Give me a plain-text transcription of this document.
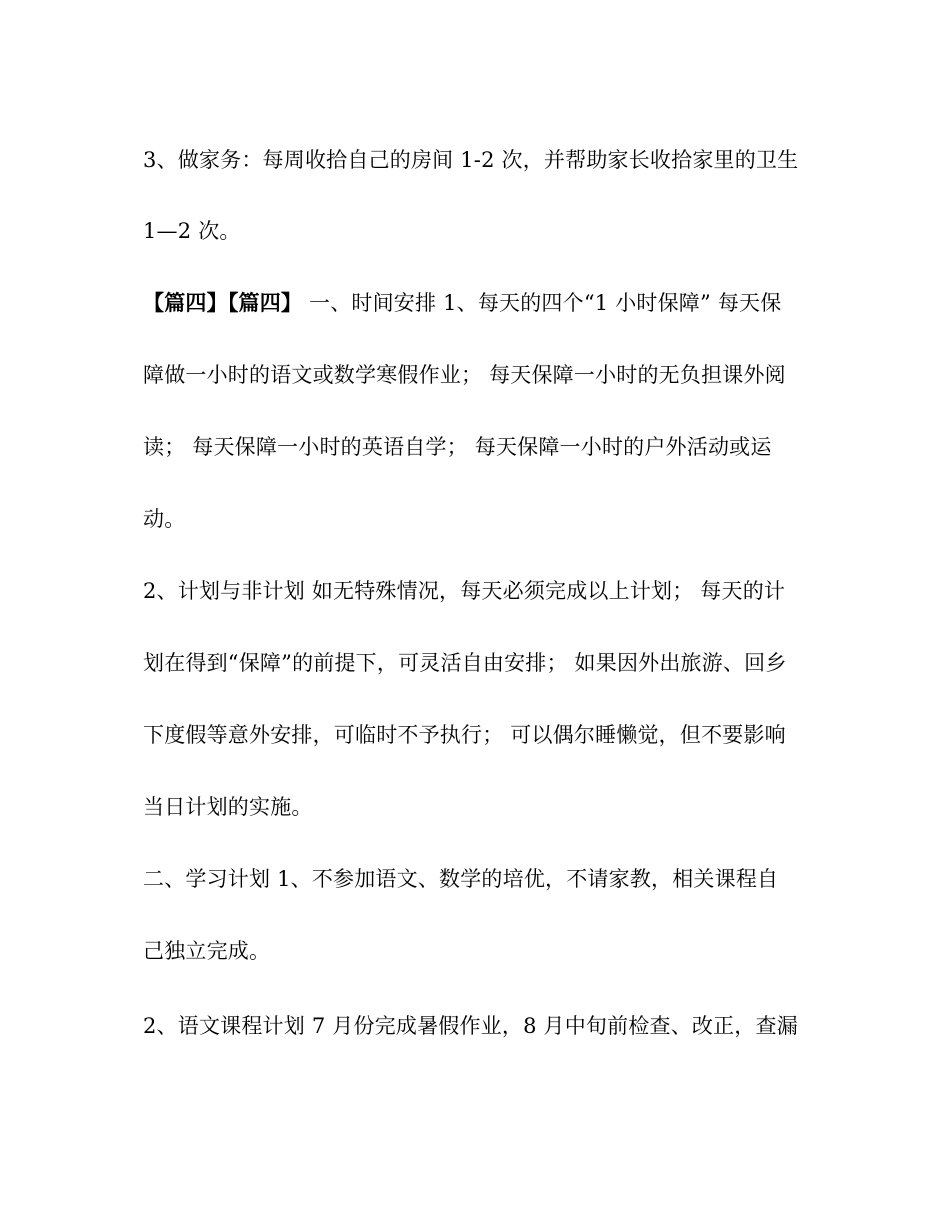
3、做家务：每周收拾自己的房间 1-2 次，并帮助家长收拾家里的卫生
1—2 次。
【篇四】【篇四】 一、时间安排 1、每天的四个“1 小时保障” 每天保
障做一小时的语文或数学寒假作业； 每天保障一小时的无负担课外阅
读； 每天保障一小时的英语自学； 每天保障一小时的户外活动或运
动。
2、计划与非计划 如无特殊情况，每天必须完成以上计划； 每天的计
划在得到“保障”的前提下，可灵活自由安排； 如果因外出旅游、回乡
下度假等意外安排，可临时不予执行； 可以偶尔睡懒觉，但不要影响
当日计划的实施。
二、学习计划 1、不参加语文、数学的培优，不请家教，相关课程自
己独立完成。
2、语文课程计划 7 月份完成暑假作业，8 月中旬前检查、改正，查漏
